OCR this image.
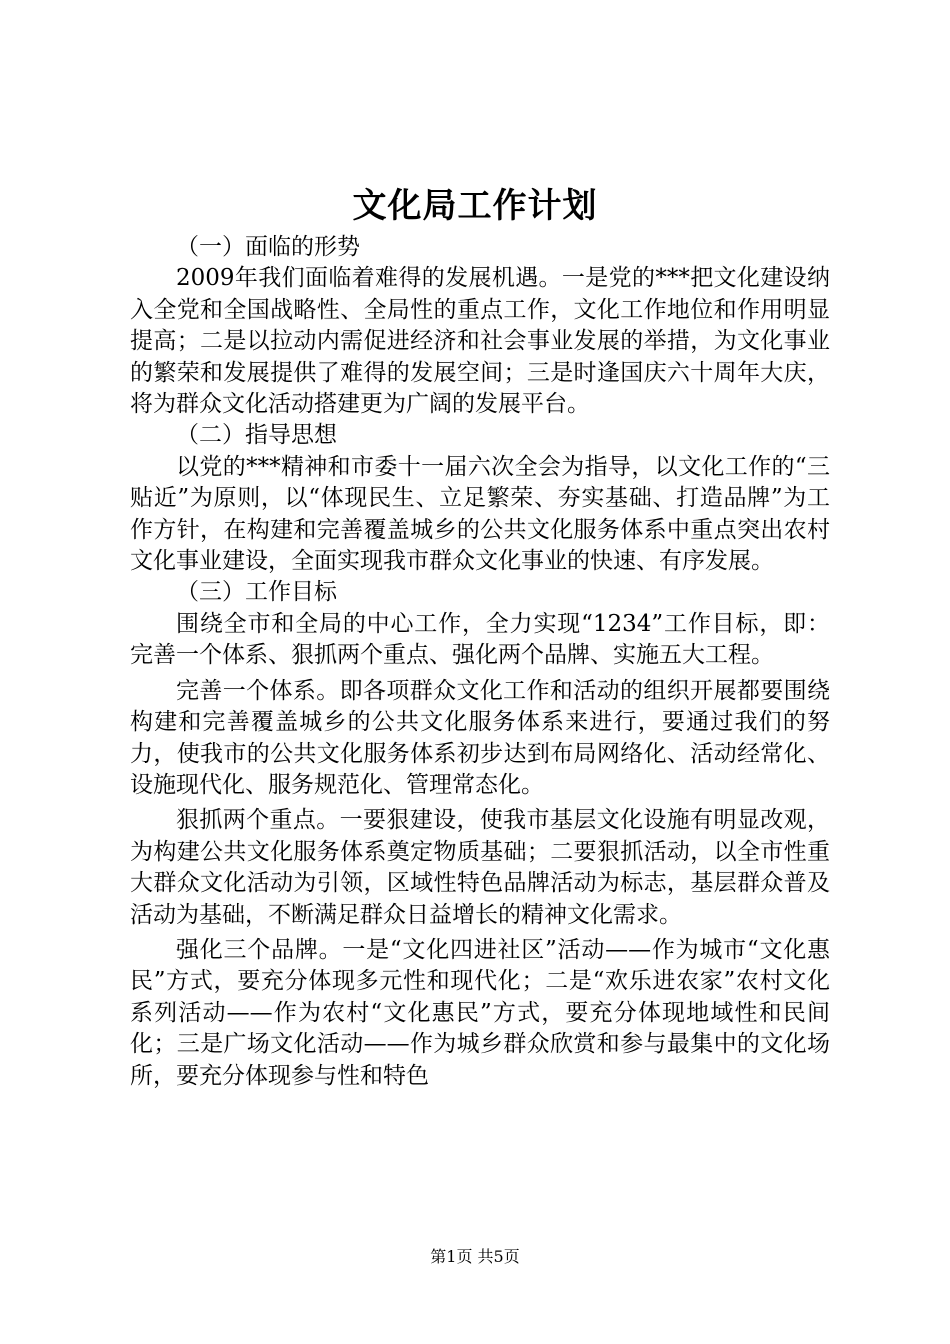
文化局工作计划

（一）面临的形势

2009年我们面临着难得的发展机遇。一是党的***把文化建设纳入全党和全国战略性、全局性的重点工作，文化工作地位和作用明显提高；二是以拉动内需促进经济和社会事业发展的举措，为文化事业的繁荣和发展提供了难得的发展空间；三是时逢国庆六十周年大庆，将为群众文化活动搭建更为广阔的发展平台。

（二）指导思想

以党的***精神和市委十一届六次全会为指导，以文化工作的“三贴近”为原则，以“体现民生、立足繁荣、夯实基础、打造品牌”为工作方针，在构建和完善覆盖城乡的公共文化服务体系中重点突出农村文化事业建设，全面实现我市群众文化事业的快速、有序发展。

（三）工作目标

围绕全市和全局的中心工作，全力实现“1234”工作目标，即：完善一个体系、狠抓两个重点、强化两个品牌、实施五大工程。

完善一个体系。即各项群众文化工作和活动的组织开展都要围绕构建和完善覆盖城乡的公共文化服务体系来进行，要通过我们的努力，使我市的公共文化服务体系初步达到布局网络化、活动经常化、设施现代化、服务规范化、管理常态化。

狠抓两个重点。一要狠建设，使我市基层文化设施有明显改观，为构建公共文化服务体系奠定物质基础；二要狠抓活动，以全市性重大群众文化活动为引领，区域性特色品牌活动为标志，基层群众普及活动为基础，不断满足群众日益增长的精神文化需求。

强化三个品牌。一是“文化四进社区”活动——作为城市“文化惠民”方式，要充分体现多元性和现代化；二是“欢乐进农家”农村文化系列活动——作为农村“文化惠民”方式，要充分体现地域性和民间化；三是广场文化活动——作为城乡群众欣赏和参与最集中的文化场所，要充分体现参与性和特色

第1页 共5页
